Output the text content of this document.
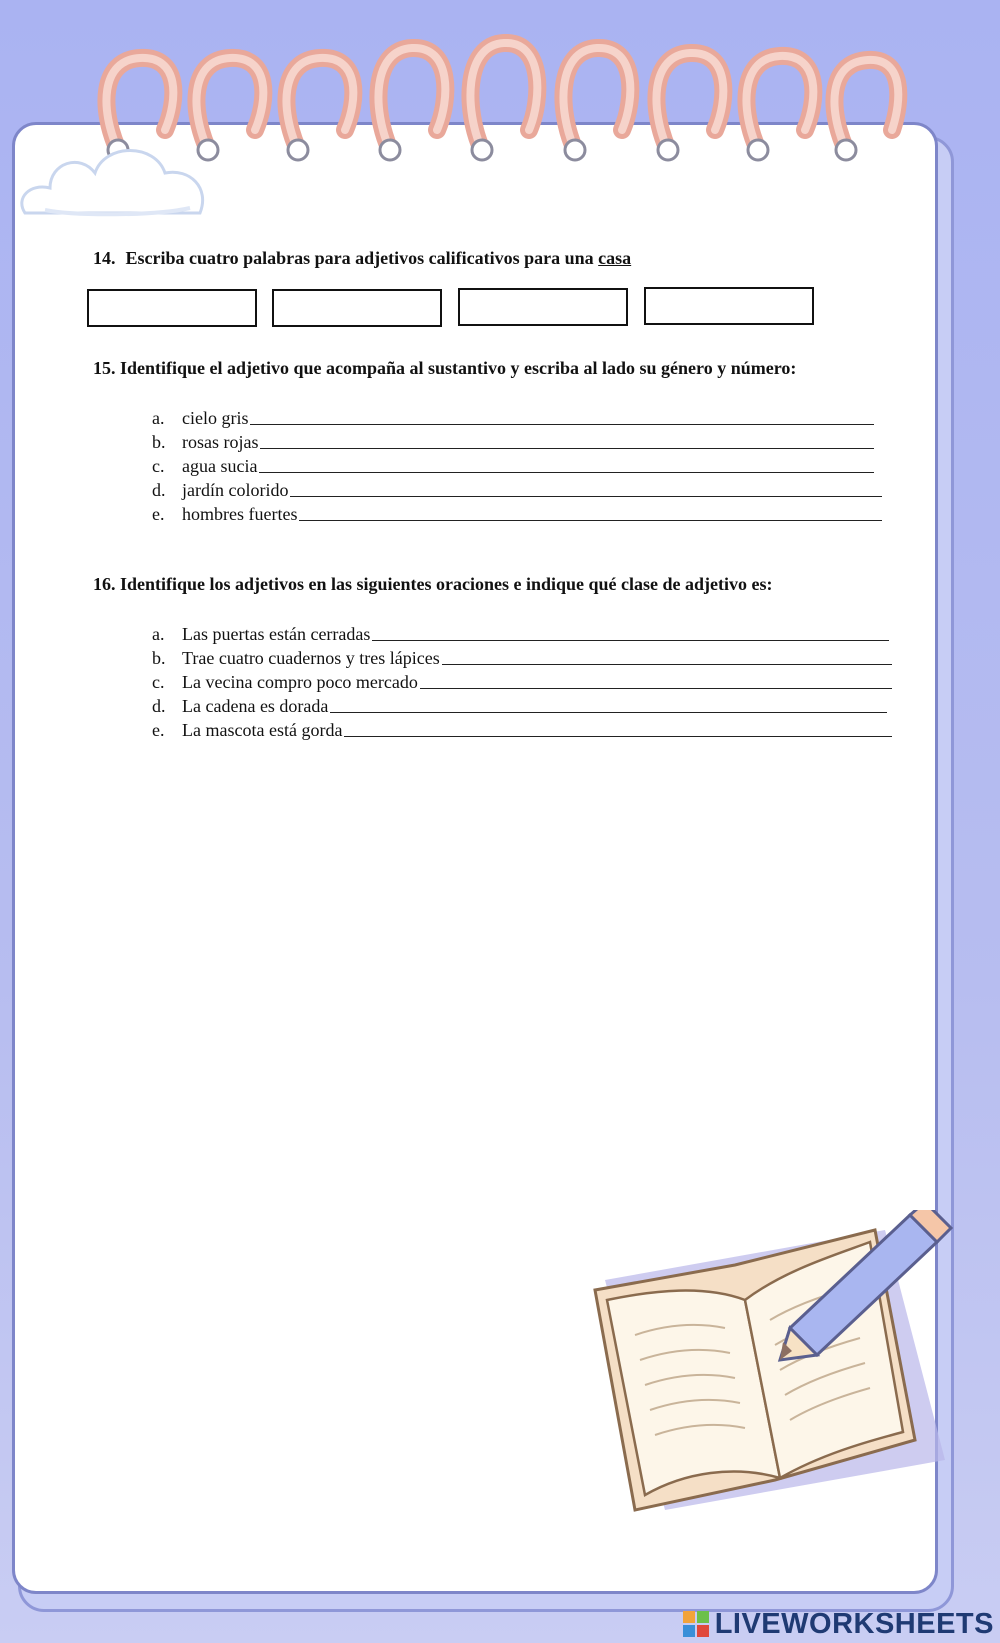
14. Escriba cuatro palabras para adjetivos calificativos para una casa

15. Identifique el adjetivo que acompaña al sustantivo y escriba al lado su género y número:

a. cielo gris
b. rosas rojas
c. agua sucia
d. jardín colorido
e. hombres fuertes

16. Identifique los adjetivos en las siguientes oraciones e indique qué clase de adjetivo es:

a. Las puertas están cerradas
b. Trae cuatro cuadernos y tres lápices
c. La vecina compro poco mercado
d. La cadena es dorada
e. La mascota está gorda
LIVEWORKSHEETS
